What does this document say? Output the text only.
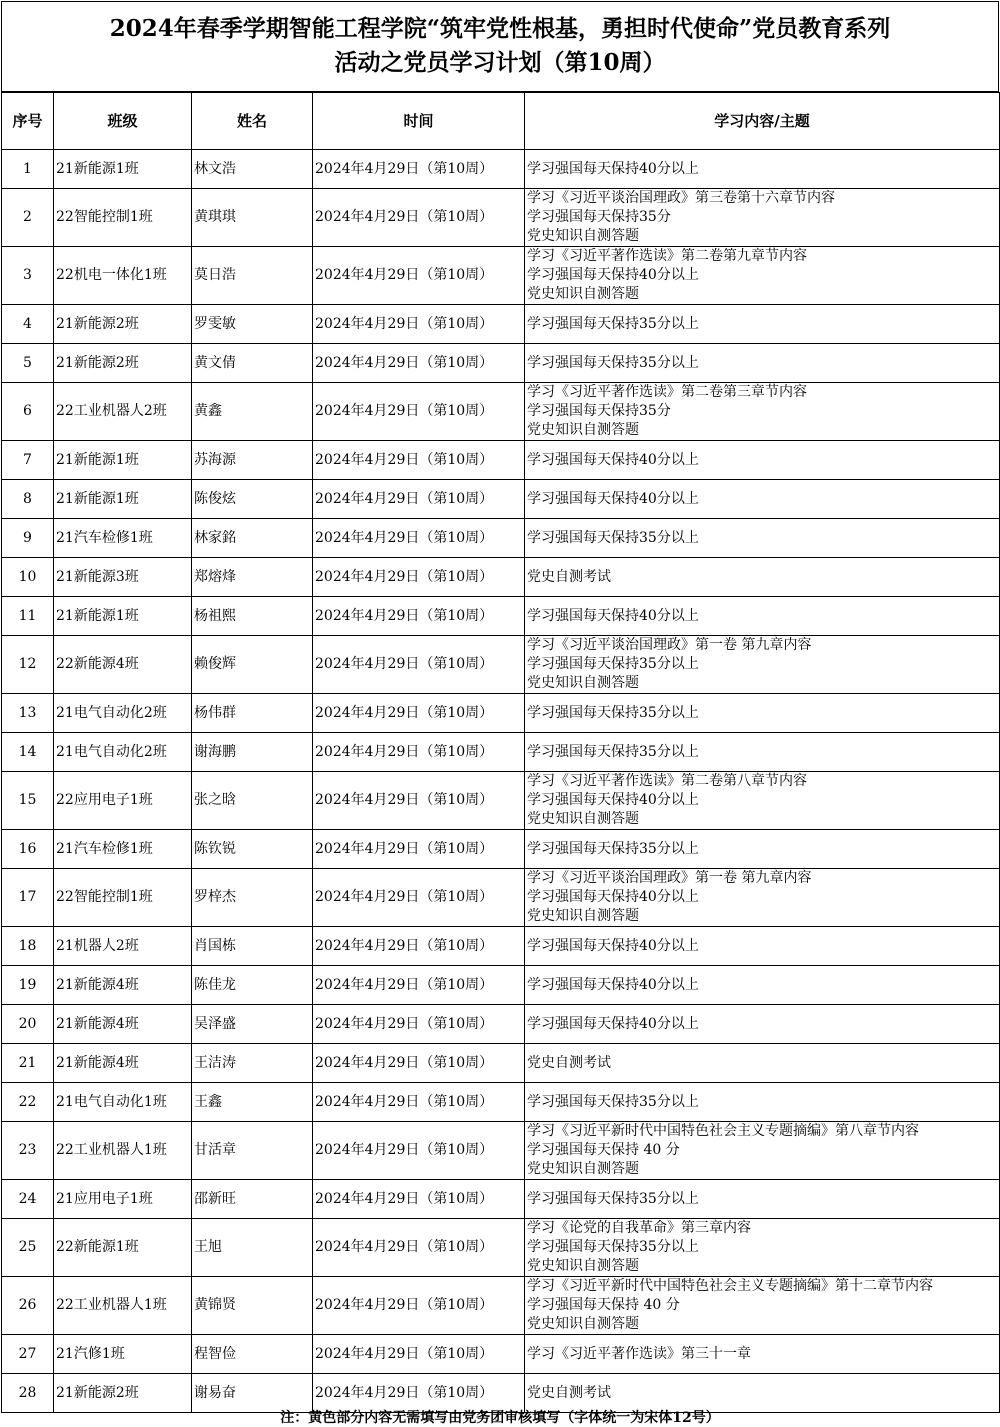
2024年春季学期智能工程学院“筑牢党性根基，勇担时代使命”党员教育系列
活动之党员学习计划（第10周）
序号	班级	姓名	时间	学习内容/主题
1	21新能源1班	林文浩	2024年4月29日（第10周）	学习强国每天保持40分以上

2	22智能控制1班	黄琪琪	2024年4月29日（第10周）	学习《习近平谈治国理政》第三卷第十六章节内容
学习强国每天保持35分
党史知识自测答题

3	22机电一体化1班	莫日浩	2024年4月29日（第10周）	学习《习近平著作选读》第二卷第九章节内容
学习强国每天保持40分以上
党史知识自测答题

4	21新能源2班	罗雯敏	2024年4月29日（第10周）	学习强国每天保持35分以上

5	21新能源2班	黄文倩	2024年4月29日（第10周）	学习强国每天保持35分以上

6	22工业机器人2班	黄鑫	2024年4月29日（第10周）	学习《习近平著作选读》第二卷第三章节内容
学习强国每天保持35分
党史知识自测答题

7	21新能源1班	苏海源	2024年4月29日（第10周）	学习强国每天保持40分以上

8	21新能源1班	陈俊炫	2024年4月29日（第10周）	学习强国每天保持40分以上

9	21汽车检修1班	林家銘	2024年4月29日（第10周）	学习强国每天保持35分以上

10	21新能源3班	郑熔烽	2024年4月29日（第10周）	党史自测考试

11	21新能源1班	杨祖熙	2024年4月29日（第10周）	学习强国每天保持40分以上

12	22新能源4班	赖俊辉	2024年4月29日（第10周）	学习《习近平谈治国理政》第一卷 第九章内容
学习强国每天保持35分以上
党史知识自测答题

13	21电气自动化2班	杨伟群	2024年4月29日（第10周）	学习强国每天保持35分以上

14	21电气自动化2班	谢海鹏	2024年4月29日（第10周）	学习强国每天保持35分以上

15	22应用电子1班	张之晗	2024年4月29日（第10周）	学习《习近平著作选读》第二卷第八章节内容
学习强国每天保持40分以上
党史知识自测答题

16	21汽车检修1班	陈钦锐	2024年4月29日（第10周）	学习强国每天保持35分以上

17	22智能控制1班	罗梓杰	2024年4月29日（第10周）	学习《习近平谈治国理政》第一卷 第九章内容
学习强国每天保持40分以上
党史知识自测答题

18	21机器人2班	肖国栋	2024年4月29日（第10周）	学习强国每天保持40分以上

19	21新能源4班	陈佳龙	2024年4月29日（第10周）	学习强国每天保持40分以上

20	21新能源4班	吴泽盛	2024年4月29日（第10周）	学习强国每天保持40分以上

21	21新能源4班	王洁涛	2024年4月29日（第10周）	党史自测考试

22	21电气自动化1班	王鑫	2024年4月29日（第10周）	学习强国每天保持35分以上

23	22工业机器人1班	甘活章	2024年4月29日（第10周）	学习《习近平新时代中国特色社会主义专题摘编》第八章节内容
学习强国每天保持 40 分
党史知识自测答题

24	21应用电子1班	邵新旺	2024年4月29日（第10周）	学习强国每天保持35分以上

25	22新能源1班	王旭	2024年4月29日（第10周）	学习《论党的自我革命》第三章内容
学习强国每天保持35分以上
党史知识自测答题

26	22工业机器人1班	黄锦贤	2024年4月29日（第10周）	学习《习近平新时代中国特色社会主义专题摘编》第十二章节内容
学习强国每天保持 40 分
党史知识自测答题

27	21汽修1班	程智俭	2024年4月29日（第10周）	学习《习近平著作选读》第三十一章

28	21新能源2班	谢易奋	2024年4月29日（第10周）	党史自测考试
注：黄色部分内容无需填写由党务团审核填写（字体统一为宋体12号）
